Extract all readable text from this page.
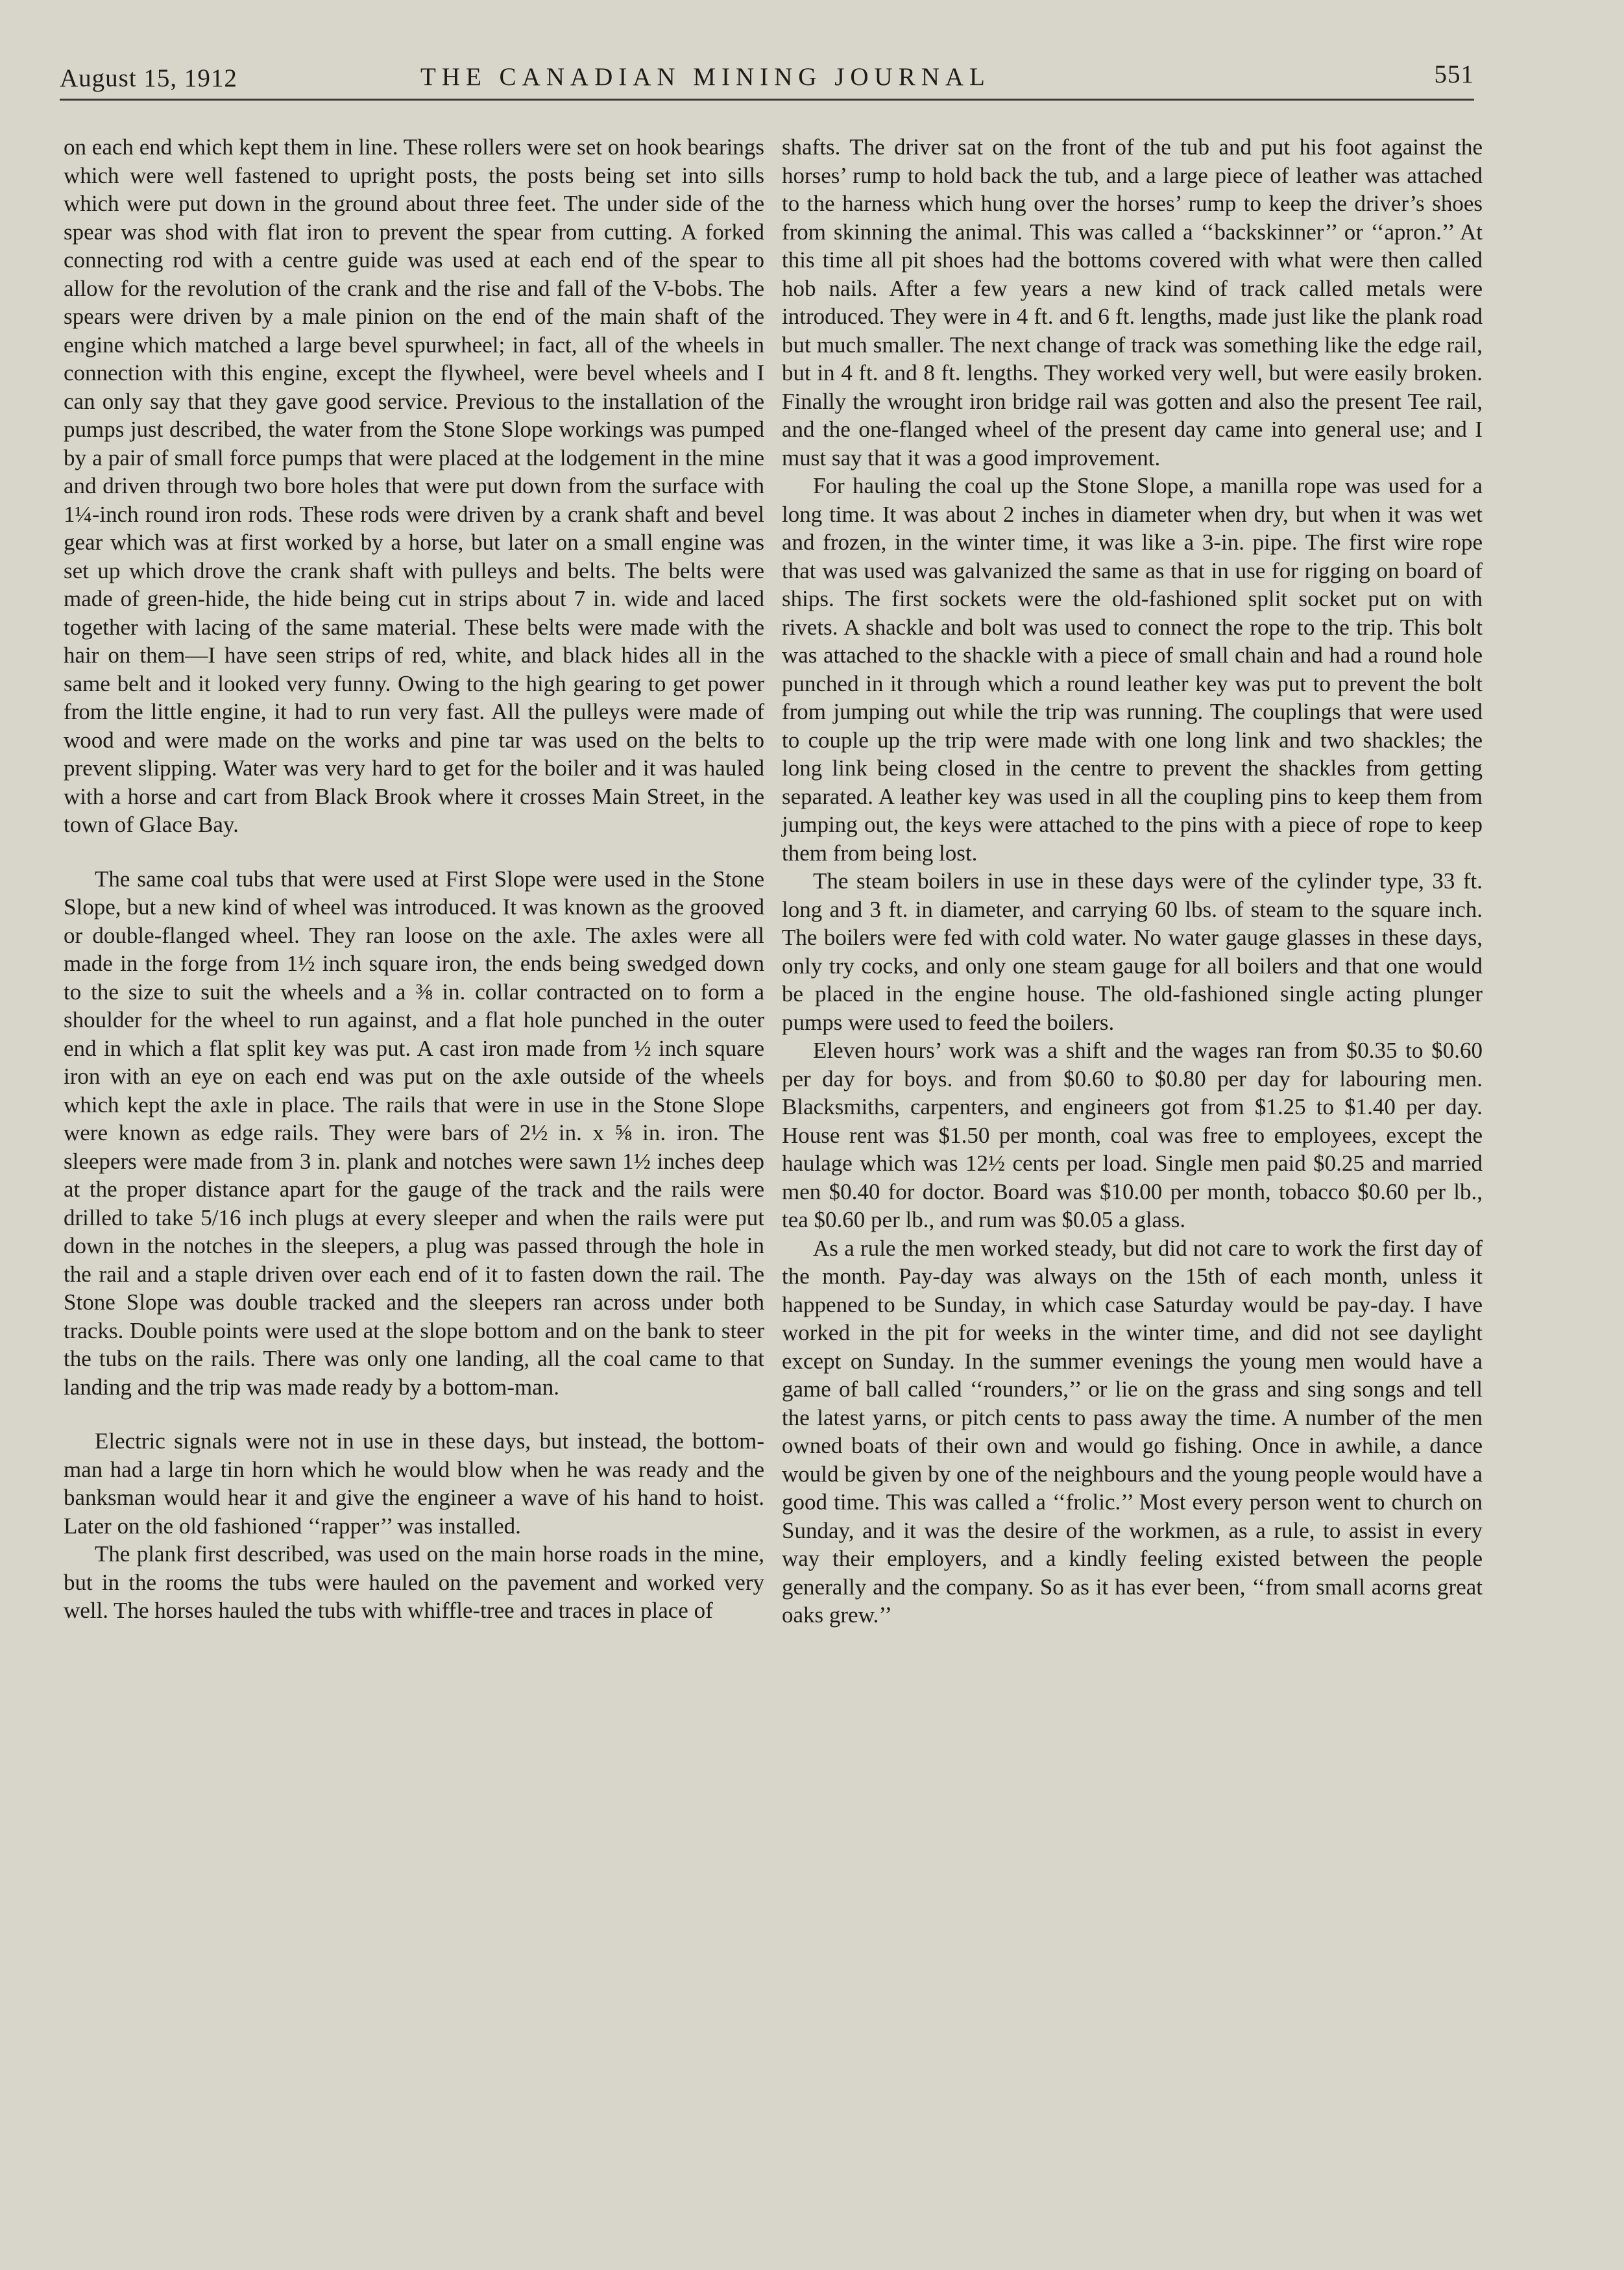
August 15, 1912	THE CANADIAN MINING JOURNAL	551

on each end which kept them in line. These rollers were set on hook bearings which were well fastened to upright posts, the posts being set into sills which were put down in the ground about three feet. The under side of the spear was shod with flat iron to prevent the spear from cutting. A forked connecting rod with a centre guide was used at each end of the spear to allow for the revolution of the crank and the rise and fall of the V-bobs. The spears were driven by a male pinion on the end of the main shaft of the engine which matched a large bevel spurwheel; in fact, all of the wheels in connection with this engine, except the flywheel, were bevel wheels and I can only say that they gave good service. Previous to the installation of the pumps just described, the water from the Stone Slope workings was pumped by a pair of small force pumps that were placed at the lodgement in the mine and driven through two bore holes that were put down from the surface with 1¼-inch round iron rods. These rods were driven by a crank shaft and bevel gear which was at first worked by a horse, but later on a small engine was set up which drove the crank shaft with pulleys and belts. The belts were made of green-hide, the hide being cut in strips about 7 in. wide and laced together with lacing of the same material. These belts were made with the hair on them—I have seen strips of red, white, and black hides all in the same belt and it looked very funny. Owing to the high gearing to get power from the little engine, it had to run very fast. All the pulleys were made of wood and were made on the works and pine tar was used on the belts to prevent slipping. Water was very hard to get for the boiler and it was hauled with a horse and cart from Black Brook where it crosses Main Street, in the town of Glace Bay.

The same coal tubs that were used at First Slope were used in the Stone Slope, but a new kind of wheel was introduced. It was known as the grooved or double-flanged wheel. They ran loose on the axle. The axles were all made in the forge from 1½ inch square iron, the ends being swedged down to the size to suit the wheels and a ⅜ in. collar contracted on to form a shoulder for the wheel to run against, and a flat hole punched in the outer end in which a flat split key was put. A cast iron made from ½ inch square iron with an eye on each end was put on the axle outside of the wheels which kept the axle in place. The rails that were in use in the Stone Slope were known as edge rails. They were bars of 2½ in. x ⅝ in. iron. The sleepers were made from 3 in. plank and notches were sawn 1½ inches deep at the proper distance apart for the gauge of the track and the rails were drilled to take 5/16 inch plugs at every sleeper and when the rails were put down in the notches in the sleepers, a plug was passed through the hole in the rail and a staple driven over each end of it to fasten down the rail. The Stone Slope was double tracked and the sleepers ran across under both tracks. Double points were used at the slope bottom and on the bank to steer the tubs on the rails. There was only one landing, all the coal came to that landing and the trip was made ready by a bottom-man.

Electric signals were not in use in these days, but instead, the bottom-man had a large tin horn which he would blow when he was ready and the banksman would hear it and give the engineer a wave of his hand to hoist. Later on the old fashioned ‘‘rapper’’ was installed.

The plank first described, was used on the main horse roads in the mine, but in the rooms the tubs were hauled on the pavement and worked very well. The horses hauled the tubs with whiffle-tree and traces in place of

shafts. The driver sat on the front of the tub and put his foot against the horses’ rump to hold back the tub, and a large piece of leather was attached to the harness which hung over the horses’ rump to keep the driver’s shoes from skinning the animal. This was called a ‘‘backskinner’’ or ‘‘apron.’’ At this time all pit shoes had the bottoms covered with what were then called hob nails. After a few years a new kind of track called metals were introduced. They were in 4 ft. and 6 ft. lengths, made just like the plank road but much smaller. The next change of track was something like the edge rail, but in 4 ft. and 8 ft. lengths. They worked very well, but were easily broken. Finally the wrought iron bridge rail was gotten and also the present Tee rail, and the one-flanged wheel of the present day came into general use; and I must say that it was a good improvement.

For hauling the coal up the Stone Slope, a manilla rope was used for a long time. It was about 2 inches in diameter when dry, but when it was wet and frozen, in the winter time, it was like a 3-in. pipe. The first wire rope that was used was galvanized the same as that in use for rigging on board of ships. The first sockets were the old-fashioned split socket put on with rivets. A shackle and bolt was used to connect the rope to the trip. This bolt was attached to the shackle with a piece of small chain and had a round hole punched in it through which a round leather key was put to prevent the bolt from jumping out while the trip was running. The couplings that were used to couple up the trip were made with one long link and two shackles; the long link being closed in the centre to prevent the shackles from getting separated. A leather key was used in all the coupling pins to keep them from jumping out, the keys were attached to the pins with a piece of rope to keep them from being lost.

The steam boilers in use in these days were of the cylinder type, 33 ft. long and 3 ft. in diameter, and carrying 60 lbs. of steam to the square inch. The boilers were fed with cold water. No water gauge glasses in these days, only try cocks, and only one steam gauge for all boilers and that one would be placed in the engine house. The old-fashioned single acting plunger pumps were used to feed the boilers.

Eleven hours’ work was a shift and the wages ran from $0.35 to $0.60 per day for boys. and from $0.60 to $0.80 per day for labouring men. Blacksmiths, carpenters, and engineers got from $1.25 to $1.40 per day. House rent was $1.50 per month, coal was free to employees, except the haulage which was 12½ cents per load. Single men paid $0.25 and married men $0.40 for doctor. Board was $10.00 per month, tobacco $0.60 per lb., tea $0.60 per lb., and rum was $0.05 a glass.

As a rule the men worked steady, but did not care to work the first day of the month. Pay-day was always on the 15th of each month, unless it happened to be Sunday, in which case Saturday would be pay-day. I have worked in the pit for weeks in the winter time, and did not see daylight except on Sunday. In the summer evenings the young men would have a game of ball called ‘‘rounders,’’ or lie on the grass and sing songs and tell the latest yarns, or pitch cents to pass away the time. A number of the men owned boats of their own and would go fishing. Once in awhile, a dance would be given by one of the neighbours and the young people would have a good time. This was called a ‘‘frolic.’’ Most every person went to church on Sunday, and it was the desire of the workmen, as a rule, to assist in every way their employers, and a kindly feeling existed between the people generally and the company. So as it has ever been, ‘‘from small acorns great oaks grew.’’
